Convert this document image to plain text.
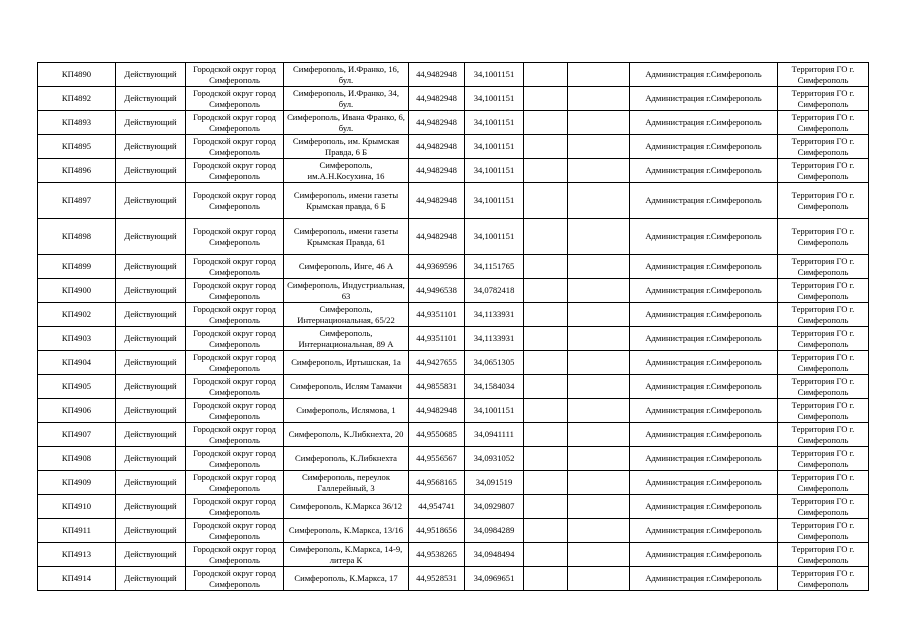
КП4890	Действующий	Городской округ город Симферополь	Симферополь, И.Франко, 16, бул.	44,9482948	34,1001151			Администрация г.Симферополь	Территория ГО г. Симферополь
КП4892	Действующий	Городской округ город Симферополь	Симферополь, И.Франко, 34, бул.	44,9482948	34,1001151			Администрация г.Симферополь	Территория ГО г. Симферополь
КП4893	Действующий	Городской округ город Симферополь	Симферополь, Ивана Франко, 6, бул.	44,9482948	34,1001151			Администрация г.Симферополь	Территория ГО г. Симферополь
КП4895	Действующий	Городской округ город Симферополь	Симферополь, им. Крымская Правда, 6 Б	44,9482948	34,1001151			Администрация г.Симферополь	Территория ГО г. Симферополь
КП4896	Действующий	Городской округ город Симферополь	Симферополь, им.А.Н.Косухина, 16	44,9482948	34,1001151			Администрация г.Симферополь	Территория ГО г. Симферополь
КП4897	Действующий	Городской округ город Симферополь	Симферополь, имени газеты Крымская правда, 6 Б	44,9482948	34,1001151			Администрация г.Симферополь	Территория ГО г. Симферополь
КП4898	Действующий	Городской округ город Симферополь	Симферополь, имени газеты Крымская Правда, 61	44,9482948	34,1001151			Администрация г.Симферополь	Территория ГО г. Симферополь
КП4899	Действующий	Городской округ город Симферополь	Симферополь, Инге, 46 А	44,9369596	34,1151765			Администрация г.Симферополь	Территория ГО г. Симферополь
КП4900	Действующий	Городской округ город Симферополь	Симферополь, Индустриальная, 63	44,9496538	34,0782418			Администрация г.Симферополь	Территория ГО г. Симферополь
КП4902	Действующий	Городской округ город Симферополь	Симферополь, Интернациональная, 65/22	44,9351101	34,1133931			Администрация г.Симферополь	Территория ГО г. Симферополь
КП4903	Действующий	Городской округ город Симферополь	Симферополь, Интернациональная, 89 А	44,9351101	34,1133931			Администрация г.Симферополь	Территория ГО г. Симферополь
КП4904	Действующий	Городской округ город Симферополь	Симферополь, Иртышская, 1а	44,9427655	34,0651305			Администрация г.Симферополь	Территория ГО г. Симферополь
КП4905	Действующий	Городской округ город Симферополь	Симферополь, Ислям Тамакчи	44,9855831	34,1584034			Администрация г.Симферополь	Территория ГО г. Симферополь
КП4906	Действующий	Городской округ город Симферополь	Симферополь, Ислямова, 1	44,9482948	34,1001151			Администрация г.Симферополь	Территория ГО г. Симферополь
КП4907	Действующий	Городской округ город Симферополь	Симферополь, К.Либкнехта, 20	44,9550685	34,0941111			Администрация г.Симферополь	Территория ГО г. Симферополь
КП4908	Действующий	Городской округ город Симферополь	Симферополь, К.Либкнехта	44,9556567	34,0931052			Администрация г.Симферополь	Территория ГО г. Симферополь
КП4909	Действующий	Городской округ город Симферополь	Симферополь, переулок Галлерейный, 3	44,9568165	34,091519			Администрация г.Симферополь	Территория ГО г. Симферополь
КП4910	Действующий	Городской округ город Симферополь	Симферополь, К.Маркса 36/12	44,954741	34,0929807			Администрация г.Симферополь	Территория ГО г. Симферополь
КП4911	Действующий	Городской округ город Симферополь	Симферополь, К.Маркса, 13/16	44,9518656	34,0984289			Администрация г.Симферополь	Территория ГО г. Симферополь
КП4913	Действующий	Городской округ город Симферополь	Симферополь, К.Маркса, 14-9, литера К	44,9538265	34,0948494			Администрация г.Симферополь	Территория ГО г. Симферополь
КП4914	Действующий	Городской округ город Симферополь	Симферополь, К.Маркса, 17	44,9528531	34,0969651			Администрация г.Симферополь	Территория ГО г. Симферополь
